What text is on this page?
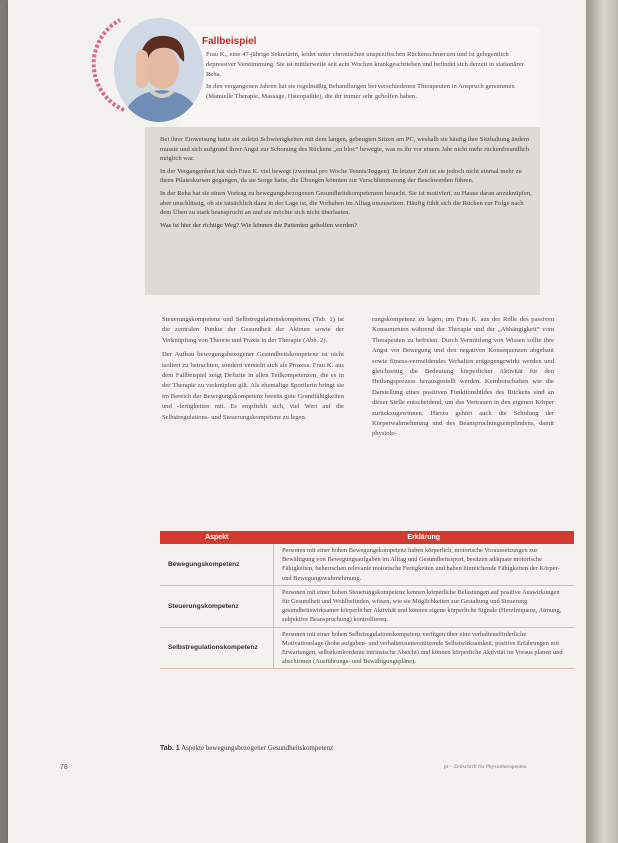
Fallbeispiel

Frau K., eine 47-jährige Sekretärin, leidet unter chronischen unspezifischen Rückenschmerzen und ist gelegentlich depressiver Verstimmung. Sie ist mittlerweile seit acht Wochen krankgeschrieben und befindet sich derzeit in stationärer Reha.

In den vergangenen Jahren hat sie regelmäßig Behandlungen bei verschiedenen Therapeuten in Anspruch genommen (Manuelle Therapie, Massage, Osteopathie), die ihr immer sehr geholfen haben.

Bei ihrer Einweisung hatte sie zuletzt Schwierigkeiten mit dem langen, gebeugten Sitzen am PC, weshalb sie häufig ihre Sitzhaltung ändern musste und sich aufgrund ihrer Angst zur Schonung des Rückens „en bloc“ bewegte, was es ihr vor einem Jahr nicht mehr rückenfreundlich möglich war.

In der Vergangenheit hat sich Frau K. viel bewegt (zweimal pro Woche Tennis/Joggen). In letzter Zeit ist sie jedoch nicht einmal mehr zu ihren Pilateskursen gegangen, da sie Sorge hatte, die Übungen könnten zur Verschlimmerung der Beschwerden führen.

In der Reha hat sie einen Vortrag zu bewegungsbezogenen Gesundheitskompetenzen besucht. Sie ist motiviert, zu Hause daran anzuknüpfen, aber unschlüssig, ob sie tatsächlich dazu in der Lage ist, die Vorhaben im Alltag umzusetzen. Häufig fühlt sich die Rücken zur Folge nach dem Üben zu stark beansprucht an und sie möchte sich nicht überlasten.

Was ist hier der richtige Weg? Wie können die Patienten geholfen werden?

Steuerungskompetenz und Selbstregulationskompetenz (Tab. 1) ist die zentralen Punkte der Gesundheit der Akteure sowie der Verknüpfung von Theorie und Praxis in der Therapie (Abb. 2).

Der Aufbau bewegungsbezogener Gesundheitskompetenz ist nicht isoliert zu betrachten, sondern versteht sich als Prozess. Frau K. aus dem Fallbeispiel zeigt Defizite in allen Teilkompetenzen, die es in der Therapie zu verknüpfen gilt. Als ehemalige Sportlerin bringt sie im Bereich der Bewegungskompetenz bereits gute Grundfähigkeiten und -fertigkeiten mit. Es empfiehlt sich, viel Wert auf die Selbstregulations- und Steuerungskompetenz zu legen.

rungskompetenz zu legen, um Frau K. aus der Rolle des passiven Konsumenten während der Therapie und der „Abhängigkeit“ vom Therapeuten zu befreien. Durch Vermittlung von Wissen sollte ihre Angst vor Bewegung und den negativen Konsequenzen abgebaut sowie fitness-vermeidendes Verhalten entgegengewirkt werden und gleichzeitig die Bedeutung körperlicher Aktivität für den Heilungsprozess herausgestellt werden. Kernbotschaften wie die Darstellung eines positiven Funktionsbildes des Rückens sind an dieser Stelle entscheidend, um das Vertrauen in den eigenen Körper zurückzugewinnen. Hierzu gehört auch die Schulung der Körperwahrnehmung und des Beanspruchungsempfindens, damit physiolo-

Aspekt	Erklärung
Bewegungskompetenz	Personen mit einer hohen Bewegungskompetenz haben körperlich, motorische Voraussetzungen zur Bewältigung von Bewegungsaufgaben im Alltag und Gesundheitssport, besitzen adäquate motorische Fähigkeiten, beherrschen relevante motorische Fertigkeiten und haben hinreichende Fähigkeiten der Körper- und Bewegungswahrnehmung.
Steuerungskompetenz	Personen mit einer hohen Steuerungskompetenz kennen körperliche Belastungen auf positive Auswirkungen für Gesundheit und Wohlbefinden, wissen, wie sie Möglichkeiten zur Gestaltung und Steuerung gesundheitswirksamer körperlicher Aktivität und können eigene körperliche Signale (Herzfrequenz, Atmung, subjektive Beanspruchung) kontrollieren.
Selbstregulationskompetenz	Personen mit einer hohen Selbstregulationskompetenz verfügen über eine verhaltensförderliche Motivationslage (hohe aufgaben- und verhaltensunterstützende Selbstwirksamkeit, positive Erfahrungen mit Erwartungen, selbstkonkordante intrinsische Absicht) und können körperliche Aktivität im Voraus planen und abschirmen (Ausführungs- und Bewältigungspläne).
Tab. 1 Aspekte bewegungsbezogener Gesundheitskompetenz
78	pt – Zeitschrift für Physiotherapeuten
